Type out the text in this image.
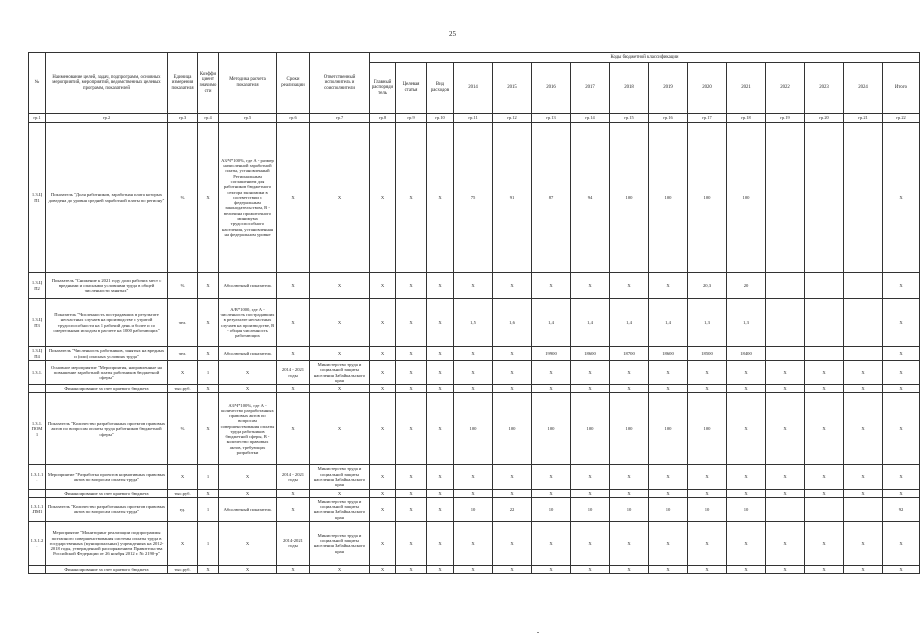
25
№	Наименование целей, задач, подпрограмм, основных мероприятий, мероприятий, ведомственных целевых программ, показателей	Единица измерения показателя	Коэффициент значимости	Методика расчета показателя	Сроки реализации	Ответственный исполнитель и соисполнители	Коды бюджетной классификации														
							Главный распорядитель	Целевая статья	Вид расходов	2014	2015	2016	2017	2018	2019	2020	2021	2022	2023	2024	Итого
гр.1	гр.2	гр.3	гр.4	гр.5	гр.6	гр.7	гр.8	гр.9	гр.10	гр.11	гр.12	гр.13	гр.14	гр.15	гр.16	гр.17	гр.18	гр.19	гр.20	гр.21	гр.22
1.3.ЦП1	Показатель "Доля работников, заработная плата которых доведена до уровня средней заработной платы по региону"	%	X	АЗ/Ч*100%, где А - размер начисленной заработной платы, установленный Региональным соглашением для работников бюджетного сектора экономики в соответствии с федеральным законодательством, В - величина прожиточного минимума трудоспособного населения, установленная на федеральном уровне	X	X	X	X	X	75	91	87	94	100	100	100	100				X
1.3.ЦП2	Показатель "Снижение к 2021 году доли рабочих мест с вредными и опасными условиями труда в общей численности занятых"	%	X	Абсолютный показатель	X	X	X	X	X	X	X	X	X	X	X	20,3	20				X
1.3.ЦП3	Показатель "Численность пострадавших в результате несчастных случаев на производстве с утратой трудоспособности на 1 рабочий день и более и со смертельным исходом в расчете на 1000 работающих"	чел.	X	А/В*1000, где А - численность пострадавших в результате несчастных случаев на производстве, В - общая численность работающих	X	X	X	X	X	1,5	1,6	1,4	1,4	1,4	1,4	1,3	1,3				X
1.3.ЦП4	Показатель "Численность работников, занятых на вредных и (или) опасных условиях труда"	чел.	X	Абсолютный показатель	X	X	X	X	X	X	X	19900	18600	18700	18600	18500	18400				X
1.3.1.	Основное мероприятие "Мероприятия, направленные на повышение заработной платы работников бюджетной сферы"	X	1	X	2014 - 2021 годы	Министерство труда и социальной защиты населения Забайкальского края	X	X	X	X	X	X	X	X	X	X	X	X	X	X	X
	Финансирование за счет краевого бюджета	тыс.руб.	X	X	X	X	X	X	X	X	X	X	X	X	X	X	X	X	X	X	X
1.3.1.ПОМ1	Показатель "Количество разработанных проектов правовых актов по вопросам оплаты труда работников бюджетной сферы"	%	X	АЗ/Ч*100%, где А - количество разработанных правовых актов по вопросам совершенствования оплаты труда работников бюджетной сферы, В - количество правовых актов, требующих разработки	X	X	X	X	X	100	100	100	100	100	100	100	X	X	X	X	X
1.3.1.1.	Мероприятие "Разработка проектов нормативных правовых актов по вопросам оплаты труда"	X	1	X	2014 - 2021 годы	Министерство труда и социальной защиты населения Забайкальского края	X	X	X	X	X	X	X	X	X	X	X	X	X	X	X
	Финансирование за счет краевого бюджета	тыс.руб.	X	X	X	X	X	X	X	X	X	X	X	X	X	X	X	X	X	X	X
1.3.1.1.ПМ1	Показатель "Количество разработанных проектов правовых актов по вопросам оплаты труда"	ед.	1	Абсолютный показатель	X	Министерство труда и социальной защиты населения Забайкальского края	X	X	X	10	22	10	10	10	10	10	10				92
1.3.1.2.	Мероприятие "Мониторинг реализации подпрограммы поэтапного совершенствования системы оплаты труда в государственных (муниципальных) учреждениях на 2012-2018 годы, утвержденной распоряжением Правительства Российской Федерации от 26 ноября 2012 г. № 2190-р"	X	1	X	2014-2021 годы	Министерство труда и социальной защиты населения Забайкальского края	X	X	X	X	X	X	X	X	X	X	X	X	X	X	X
	Финансирование за счет краевого бюджета	тыс.руб.	X	X	X	X	X	X	X	X	X	X	X	X	X	X	X	X	X	X	X
